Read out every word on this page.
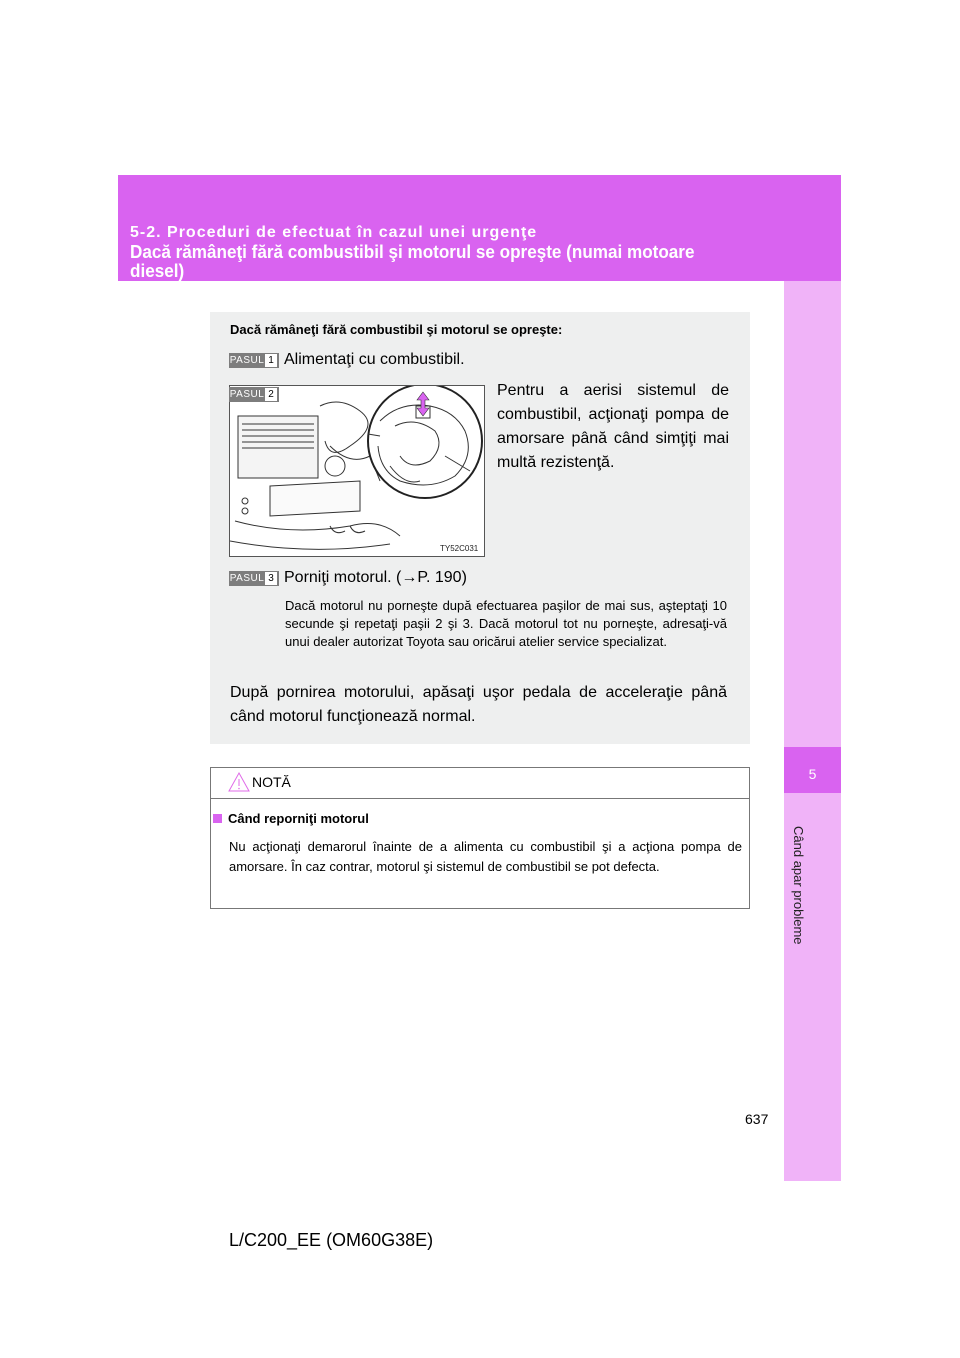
5-2. Proceduri de efectuat în cazul unei urgenţe
Dacă rămâneţi fără combustibil şi motorul se opreşte (numai motoare diesel)
5
Când apar probleme
Dacă rămâneţi fără combustibil şi motorul se opreşte:
PASUL 1 Alimentaţi cu combustibil.
PASUL 2
TY52C031
Pentru a aerisi sistemul de combustibil, acţionaţi pompa de amorsare până când simţiţi mai multă rezistenţă.
PASUL 3 Porniţi motorul. (→P. 190)
Dacă motorul nu porneşte după efectuarea paşilor de mai sus, aşteptaţi 10 secunde şi repetaţi paşii 2 şi 3. Dacă motorul tot nu porneşte, adresaţi-vă unui dealer autorizat Toyota sau oricărui atelier service specializat.
După pornirea motorului, apăsaţi uşor pedala de acceleraţie până când motorul funcţionează normal.
NOTĂ
Când reporniţi motorul
Nu acţionaţi demarorul înainte de a alimenta cu combustibil şi a acţiona pompa de amorsare. În caz contrar, motorul şi sistemul de combustibil se pot defecta.
637
L/C200_EE (OM60G38E)
